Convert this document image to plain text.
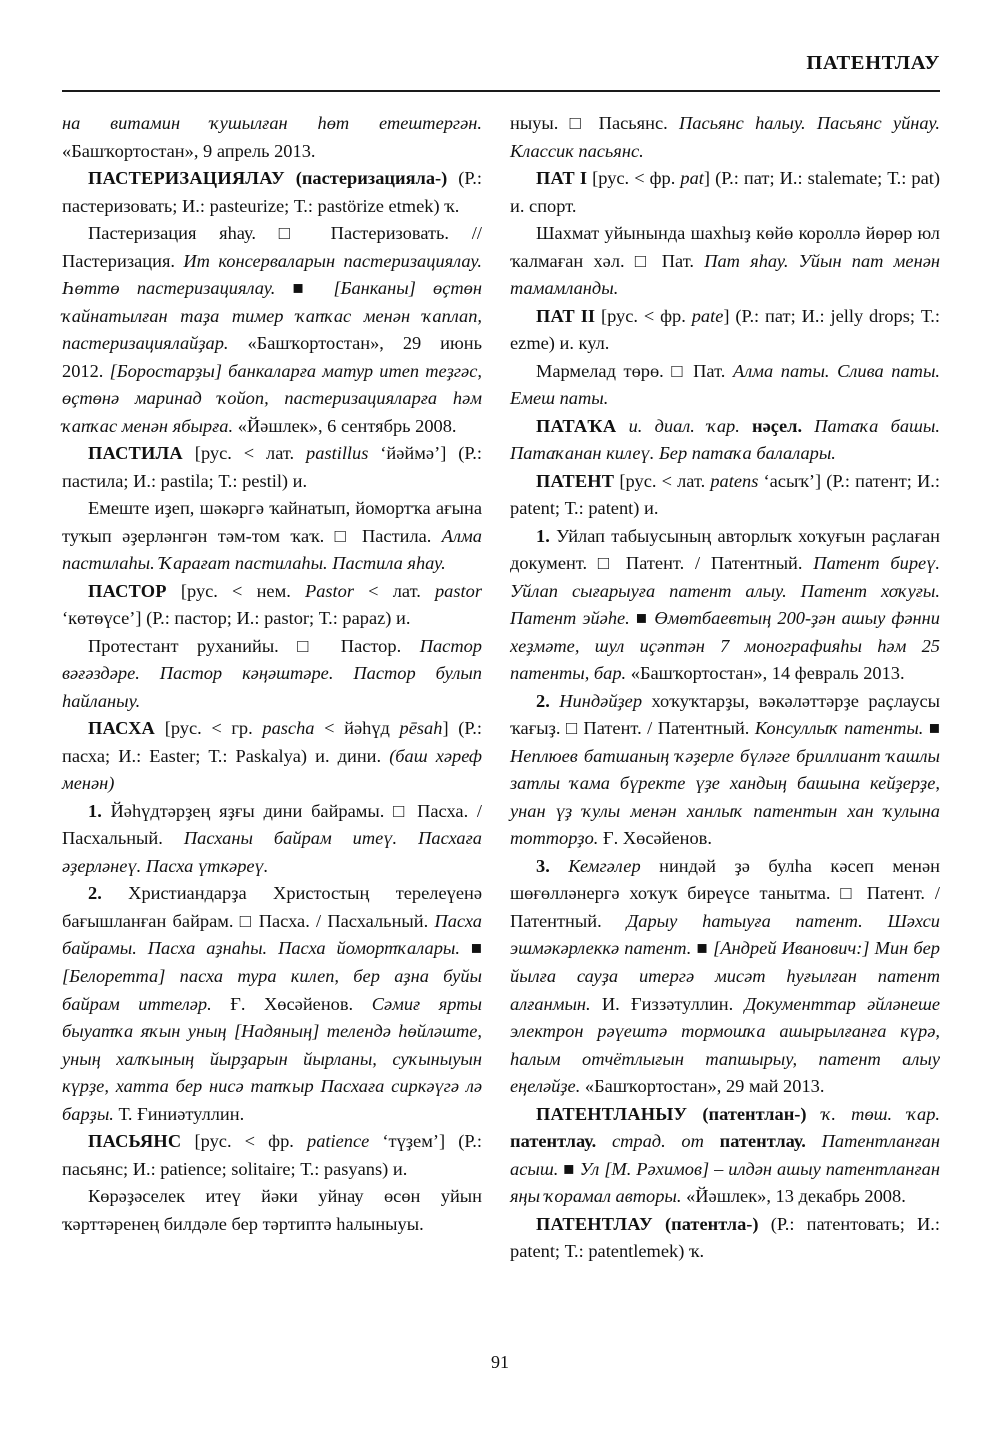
ПАТЕНТЛАУ

на витамин ҡушылған һөт етештергән. «Башҡортостан», 9 апрель 2013.

ПАСТЕРИЗАЦИЯЛАУ (пастеризацияла-) (Р.: пастеризовать; И.: pasteurize; Т.: pastörize etmek) ҡ.

Пастеризация яһау. □ Пастеризовать. // Пастеризация. Ит консерваларын пастеризациялау. Һөттө пастеризациялау. ■ [Банканы] өҫтөн ҡайнатылған таҙа тимер ҡапҡас менән ҡаплап, пастеризациялайҙар. «Башҡортостан», 29 июнь 2012. [Боростарҙы] банкаларға матур итеп теҙгәс, өҫтөнә маринад ҡойоп, пастеризацияларға һәм ҡапҡас менән ябырға. «Йәшлек», 6 сентябрь 2008.

ПАСТИЛА [рус. < лат. pastillus ‘йәймә’] (Р.: пастила; И.: pastila; Т.: pestil) и.

Емеште иҙеп, шәкәргә ҡайнатып, йомортҡа ағына туҡып әҙерләнгән тәм-том ҡаҡ. □ Пастила. Алма пастилаһы. Ҡарағат пастилаһы. Пастила яһау.

ПАСТОР [рус. < нем. Pastor < лат. pastor ‘көтөүсе’] (Р.: пастор; И.: pastor; Т.: papaz) и.

Протестант руханийы. □ Пастор. Пастор вәғәздәре. Пастор кәңәштәре. Пастор булып һайланыу.

ПАСХА [рус. < гр. pascha < йәһүд pēsah] (Р.: пасха; И.: Easter; Т.: Paskalya) и. дини. (баш хәреф менән)

1. Йәһүдтәрҙең яҙғы дини байрамы. □ Пасха. / Пасхальный. Пасханы байрам итеү. Пасхаға әҙерләнеү. Пасха үткәреү.

2. Христиандарҙа Христостың терелеүенә бағышланған байрам. □ Пасха. / Пасхальный. Пасха байрамы. Пасха аҙнаһы. Пасха йомортҡалары. ■ [Белоретта] пасха тура килеп, бер аҙна буйы байрам иттеләр. Ғ. Хөсәйенов. Сәмиғ ярты быуатҡа яҡын уның [Надяның] телендә һөйләште, уның халҡының йырҙарын йырланы, суҡыныуын күрҙе, хатта бер нисә тапҡыр Пасхаға сиркәүгә лә барҙы. Т. Ғиниәтуллин.

ПАСЬЯНС [рус. < фр. patience ‘түҙем’] (Р.: пасьянс; И.: patience; solitaire; Т.: pasyans) и.

Көрәҙәселек итеү йәки уйнау өсөн уйын ҡәрттәренең билдәле бер тәртиптә һалыныуы.

ныуы. □ Пасьянс. Пасьянс һалыу. Пасьянс уйнау. Классик пасьянс.

ПАТ I [рус. < фр. pat] (Р.: пат; И.: stalemate; Т.: pat) и. спорт.

Шахмат уйынында шахһыҙ көйө короллә йөрөр юл ҡалмаған хәл. □ Пат. Пат яһау. Уйын пат менән тамамланды.

ПАТ II [рус. < фр. pate] (Р.: пат; И.: jelly drops; Т.: ezme) и. кул.

Мармелад төрө. □ Пат. Алма паты. Слива паты. Емеш паты.

ПАТАҠА и. диал. ҡар. нәҫел. Патаҡа башы. Патаҡанан килеү. Бер патаҡа балалары.

ПАТЕНТ [рус. < лат. patens ‘асыҡ’] (Р.: патент; И.: patent; Т.: patent) и.

1. Уйлап табыусының авторлыҡ хоҡуғын раҫлаған документ. □ Патент. / Патентный. Патент биреү. Уйлап сығарыуға патент алыу. Патент хоҡуғы. Патент эйәһе. ■ Өмөтбаевтың 200-ҙән ашыу фәнни хеҙмәте, шул иҫәптән 7 монографияһы һәм 25 патенты, бар. «Башҡортостан», 14 февраль 2013.

2. Ниндәйҙер хоҡуҡтарҙы, вәкәләттәрҙе раҫлаусы ҡағыҙ. □ Патент. / Патентный. Консуллыҡ патенты. ■ Неплюев батшаның ҡәҙерле бүләге бриллиант ҡашлы затлы ҡама бүректе үҙе хандың башына кейҙерҙе, унан үҙ ҡулы менән ханлыҡ патентын хан ҡулына тотторҙо. Ғ. Хөсәйенов.

3. Кемгәлер ниндәй ҙә булһа кәсеп менән шөғөлләнергә хоҡуҡ биреүсе танытма. □ Патент. / Патентный. Дарыу һатыуға патент. Шәхси эшмәкәрлеккә патент. ■ [Андрей Иванович:] Мин бер йылға сауҙа итергә мисәт һуғылған патент алғанмын. И. Ғиззәтуллин. Документтар әйләнеше электрон рәүештә тормошҡа ашырылғанға күрә, һалым отчётлығын тапшырыу, патент алыу еңеләйҙе. «Башҡортостан», 29 май 2013.

ПАТЕНТЛАНЫУ (патентлан-) ҡ. төш. ҡар. патентлау. страд. от патентлау. Патентланған асыш. ■ Ул [М. Рәхимов] – илдән ашыу патентланған яңы ҡорамал авторы. «Йәшлек», 13 декабрь 2008.

ПАТЕНТЛАУ (патентла-) (Р.: патентовать; И.: patent; Т.: patentlemek) ҡ.

91
